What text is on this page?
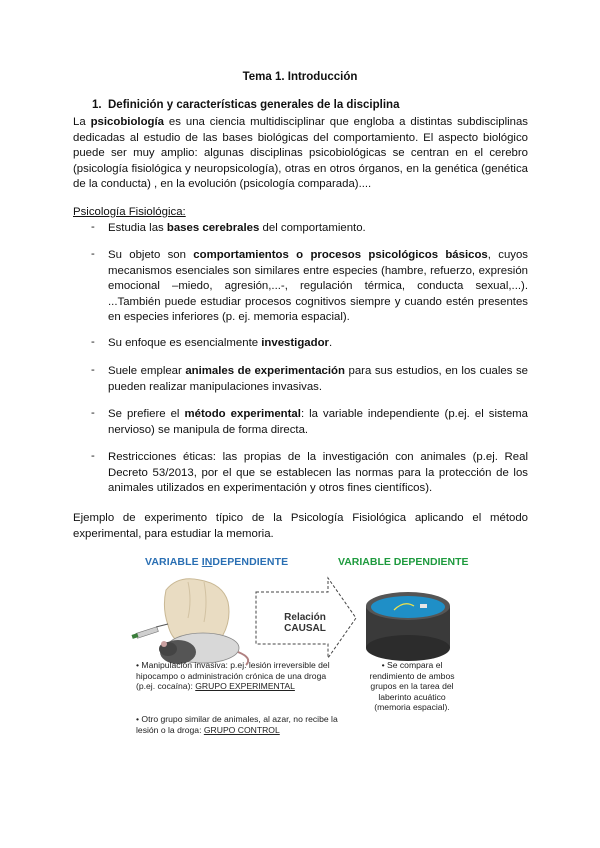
Tema 1. Introducción
1. Definición y características generales de la disciplina
La psicobiología es una ciencia multidisciplinar que engloba a distintas subdisciplinas dedicadas al estudio de las bases biológicas del comportamiento. El aspecto biológico puede ser muy amplio: algunas disciplinas psicobiológicas se centran en el cerebro (psicología fisiológica y neuropsicología), otras en otros órganos, en la genética (genética de la conducta) , en la evolución (psicología comparada)....
Psicología Fisiológica:
-	Estudia las bases cerebrales del comportamiento.
-	Su objeto son comportamientos o procesos psicológicos básicos, cuyos mecanismos esenciales son similares entre especies (hambre, refuerzo, expresión emocional –miedo, agresión,...-, regulación térmica, conducta sexual,...). ...También puede estudiar procesos cognitivos siempre y cuando estén presentes en especies inferiores (p. ej. memoria espacial).
-	Su enfoque es esencialmente investigador.
-	Suele emplear animales de experimentación para sus estudios, en los cuales se pueden realizar manipulaciones invasivas.
-	Se prefiere el método experimental: la variable independiente (p.ej. el sistema nervioso) se manipula de forma directa.
-	Restricciones éticas: las propias de la investigación con animales (p.ej. Real Decreto 53/2013, por el que se establecen las normas para la protección de los animales utilizados en experimentación y otros fines científicos).
Ejemplo de experimento típico de la Psicología Fisiológica aplicando el método experimental, para estudiar la memoria.
VARIABLE INDEPENDIENTE	VARIABLE DEPENDIENTE
Relación CAUSAL
• Manipulación invasiva: p.ej. lesión irreversible del hipocampo o administración crónica de una droga (p.ej. cocaína): GRUPO EXPERIMENTAL
• Otro grupo similar de animales, al azar, no recibe la lesión o la droga: GRUPO CONTROL
• Se compara el rendimiento de ambos grupos en la tarea del laberinto acuático (memoria espacial).
